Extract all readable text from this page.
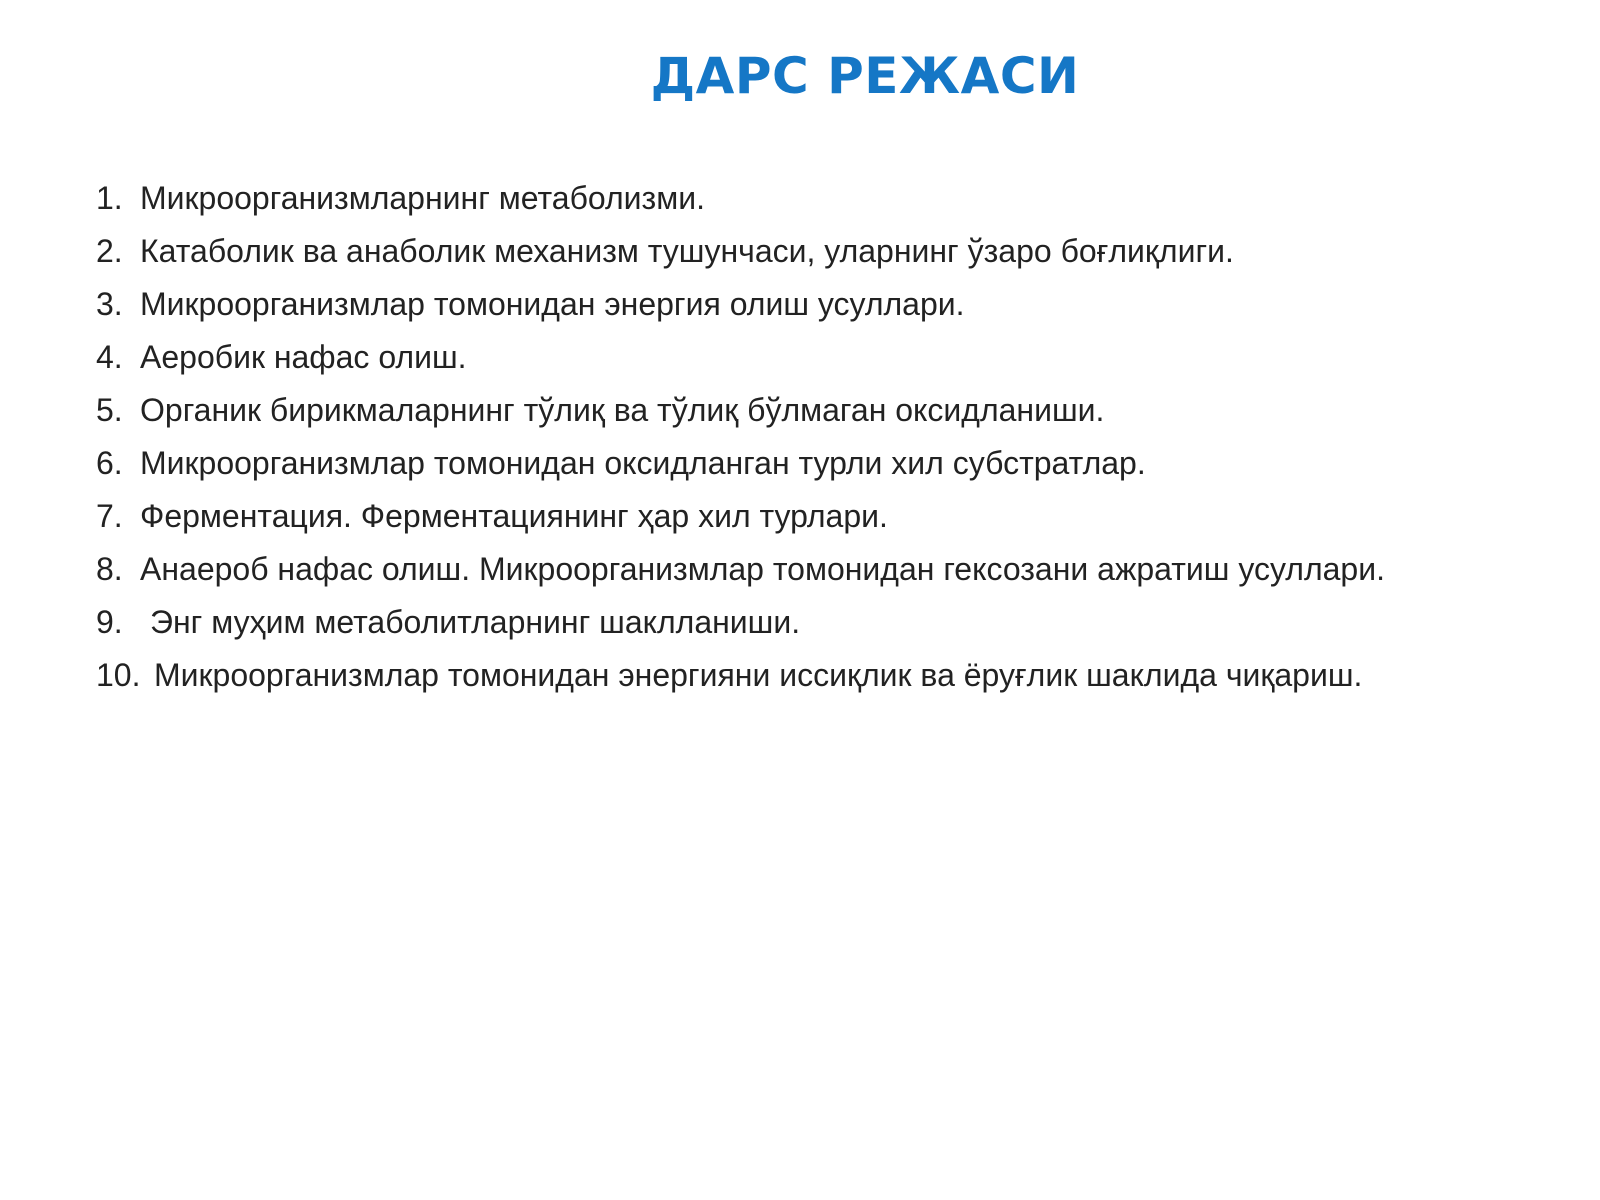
ДАРС РЕЖАСИ
1. Микроорганизмларнинг метаболизми.
2. Катаболик ва анаболик механизм тушунчаси, уларнинг ўзаро боғлиқлиги.
3. Микроорганизмлар томонидан энергия олиш усуллари.
4. Аеробик нафас олиш.
5. Органик бирикмаларнинг тўлиқ ва тўлиқ бўлмаган оксидланиши.
6. Микроорганизмлар томонидан оксидланган турли хил субстратлар.
7. Ферментация. Ферментациянинг ҳар хил турлари.
8. Анаероб нафас олиш. Микроорганизмлар томонидан гексозани ажратиш усуллари.
9. Энг муҳим метаболитларнинг шаклланиши.
10. Микроорганизмлар томонидан энергияни иссиқлик ва ёруғлик шаклида чиқариш.
